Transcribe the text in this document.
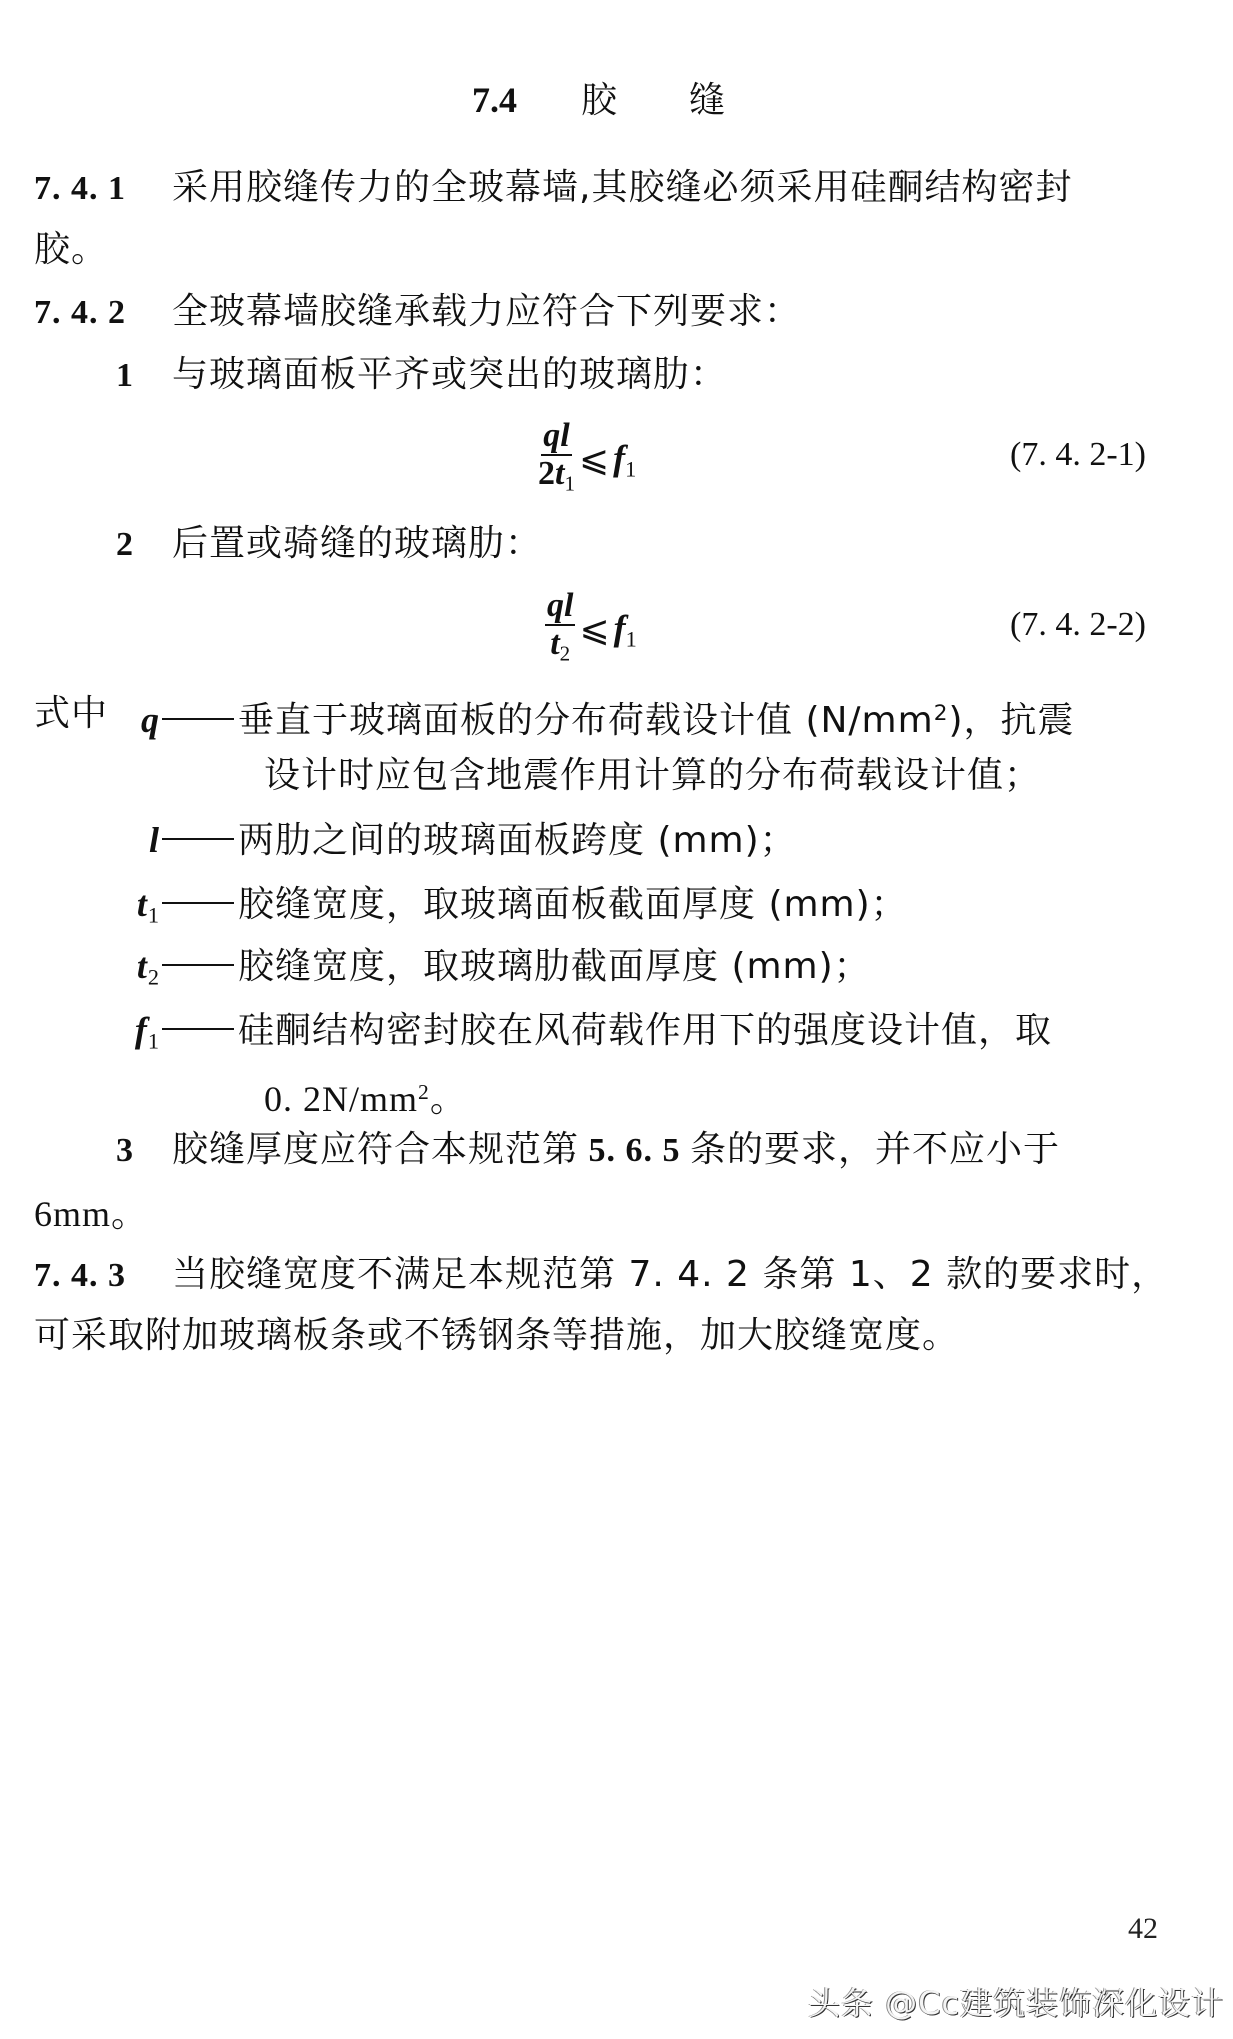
7.4 胶 缝
7. 4. 1 采用胶缝传力的全玻幕墙,其胶缝必须采用硅酮结构密封
胶。
7. 4. 2 全玻幕墙胶缝承载力应符合下列要求：
1 与玻璃面板平齐或突出的玻璃肋：
$\frac{ql}{2t_1}$ ⩽ $f_1$	(7. 4. 2-1)
2 后置或骑缝的玻璃肋：
$\frac{ql}{t_2}$ ⩽ $f_1$	(7. 4. 2-2)
式中 q 垂直于玻璃面板的分布荷载设计值 $(N/mm^2)$，抗震
设计时应包含地震作用计算的分布荷载设计值；
l 两肋之间的玻璃面板跨度 (mm)；
$t_1$ 胶缝宽度，取玻璃面板截面厚度 (mm)；
$t_2$ 胶缝宽度，取玻璃肋截面厚度 (mm)；
$f_1$ 硅酮结构密封胶在风荷载作用下的强度设计值，取
0. $2N/mm^2$。
3 胶缝厚度应符合本规范第 5. 6. 5 条的要求，并不应小于
6mm。
7. 4. 3 当胶缝宽度不满足本规范第 7. 4. 2 条第 1、2 款的要求时，
可采取附加玻璃板条或不锈钢条等措施，加大胶缝宽度。
42
头条 @Cc建筑装饰深化设计
